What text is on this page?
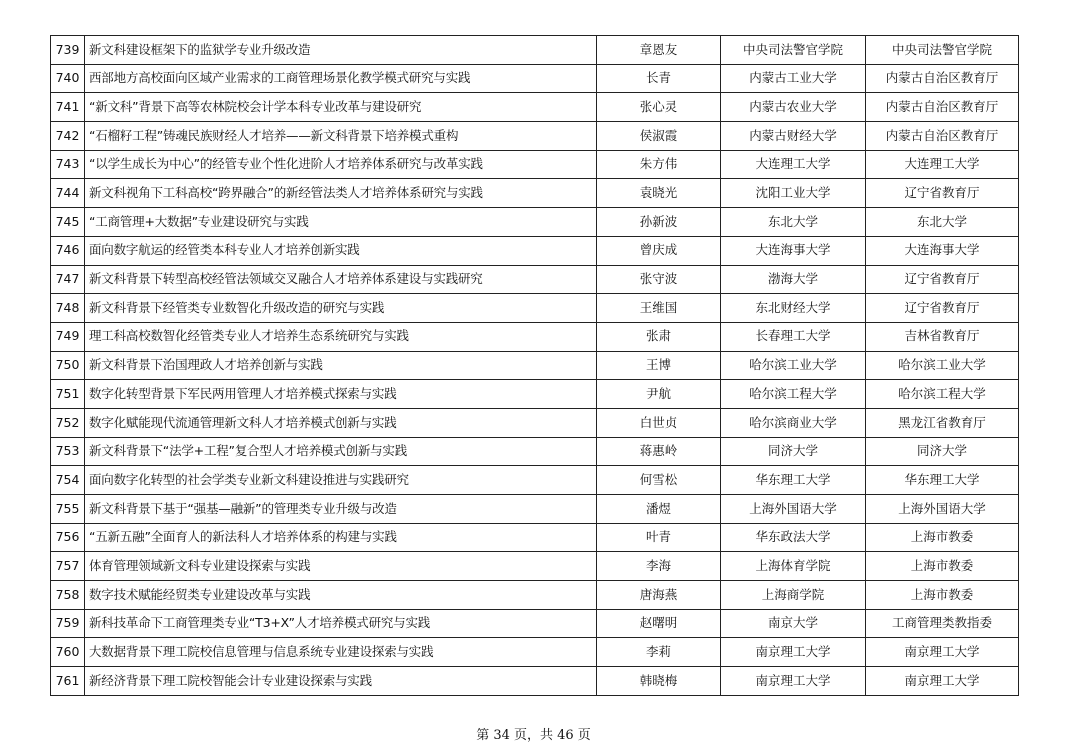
739	新文科建设框架下的监狱学专业升级改造	章恩友	中央司法警官学院	中央司法警官学院
740	西部地方高校面向区域产业需求的工商管理场景化教学模式研究与实践	长青	内蒙古工业大学	内蒙古自治区教育厅
741	“新文科”背景下高等农林院校会计学本科专业改革与建设研究	张心灵	内蒙古农业大学	内蒙古自治区教育厅
742	“石榴籽工程”铸魂民族财经人才培养——新文科背景下培养模式重构	侯淑霞	内蒙古财经大学	内蒙古自治区教育厅
743	“以学生成长为中心”的经管专业个性化进阶人才培养体系研究与改革实践	朱方伟	大连理工大学	大连理工大学
744	新文科视角下工科高校“跨界融合”的新经管法类人才培养体系研究与实践	袁晓光	沈阳工业大学	辽宁省教育厅
745	“工商管理+大数据”专业建设研究与实践	孙新波	东北大学	东北大学
746	面向数字航运的经管类本科专业人才培养创新实践	曾庆成	大连海事大学	大连海事大学
747	新文科背景下转型高校经管法领域交叉融合人才培养体系建设与实践研究	张守波	渤海大学	辽宁省教育厅
748	新文科背景下经管类专业数智化升级改造的研究与实践	王维国	东北财经大学	辽宁省教育厅
749	理工科高校数智化经管类专业人才培养生态系统研究与实践	张肃	长春理工大学	吉林省教育厅
750	新文科背景下治国理政人才培养创新与实践	王博	哈尔滨工业大学	哈尔滨工业大学
751	数字化转型背景下军民两用管理人才培养模式探索与实践	尹航	哈尔滨工程大学	哈尔滨工程大学
752	数字化赋能现代流通管理新文科人才培养模式创新与实践	白世贞	哈尔滨商业大学	黑龙江省教育厅
753	新文科背景下“法学+工程”复合型人才培养模式创新与实践	蒋惠岭	同济大学	同济大学
754	面向数字化转型的社会学类专业新文科建设推进与实践研究	何雪松	华东理工大学	华东理工大学
755	新文科背景下基于“强基—融新”的管理类专业升级与改造	潘煜	上海外国语大学	上海外国语大学
756	“五新五融”全面育人的新法科人才培养体系的构建与实践	叶青	华东政法大学	上海市教委
757	体育管理领域新文科专业建设探索与实践	李海	上海体育学院	上海市教委
758	数字技术赋能经贸类专业建设改革与实践	唐海燕	上海商学院	上海市教委
759	新科技革命下工商管理类专业“T3+X”人才培养模式研究与实践	赵曙明	南京大学	工商管理类教指委
760	大数据背景下理工院校信息管理与信息系统专业建设探索与实践	李莉	南京理工大学	南京理工大学
761	新经济背景下理工院校智能会计专业建设探索与实践	韩晓梅	南京理工大学	南京理工大学
第 34 页，共 46 页
